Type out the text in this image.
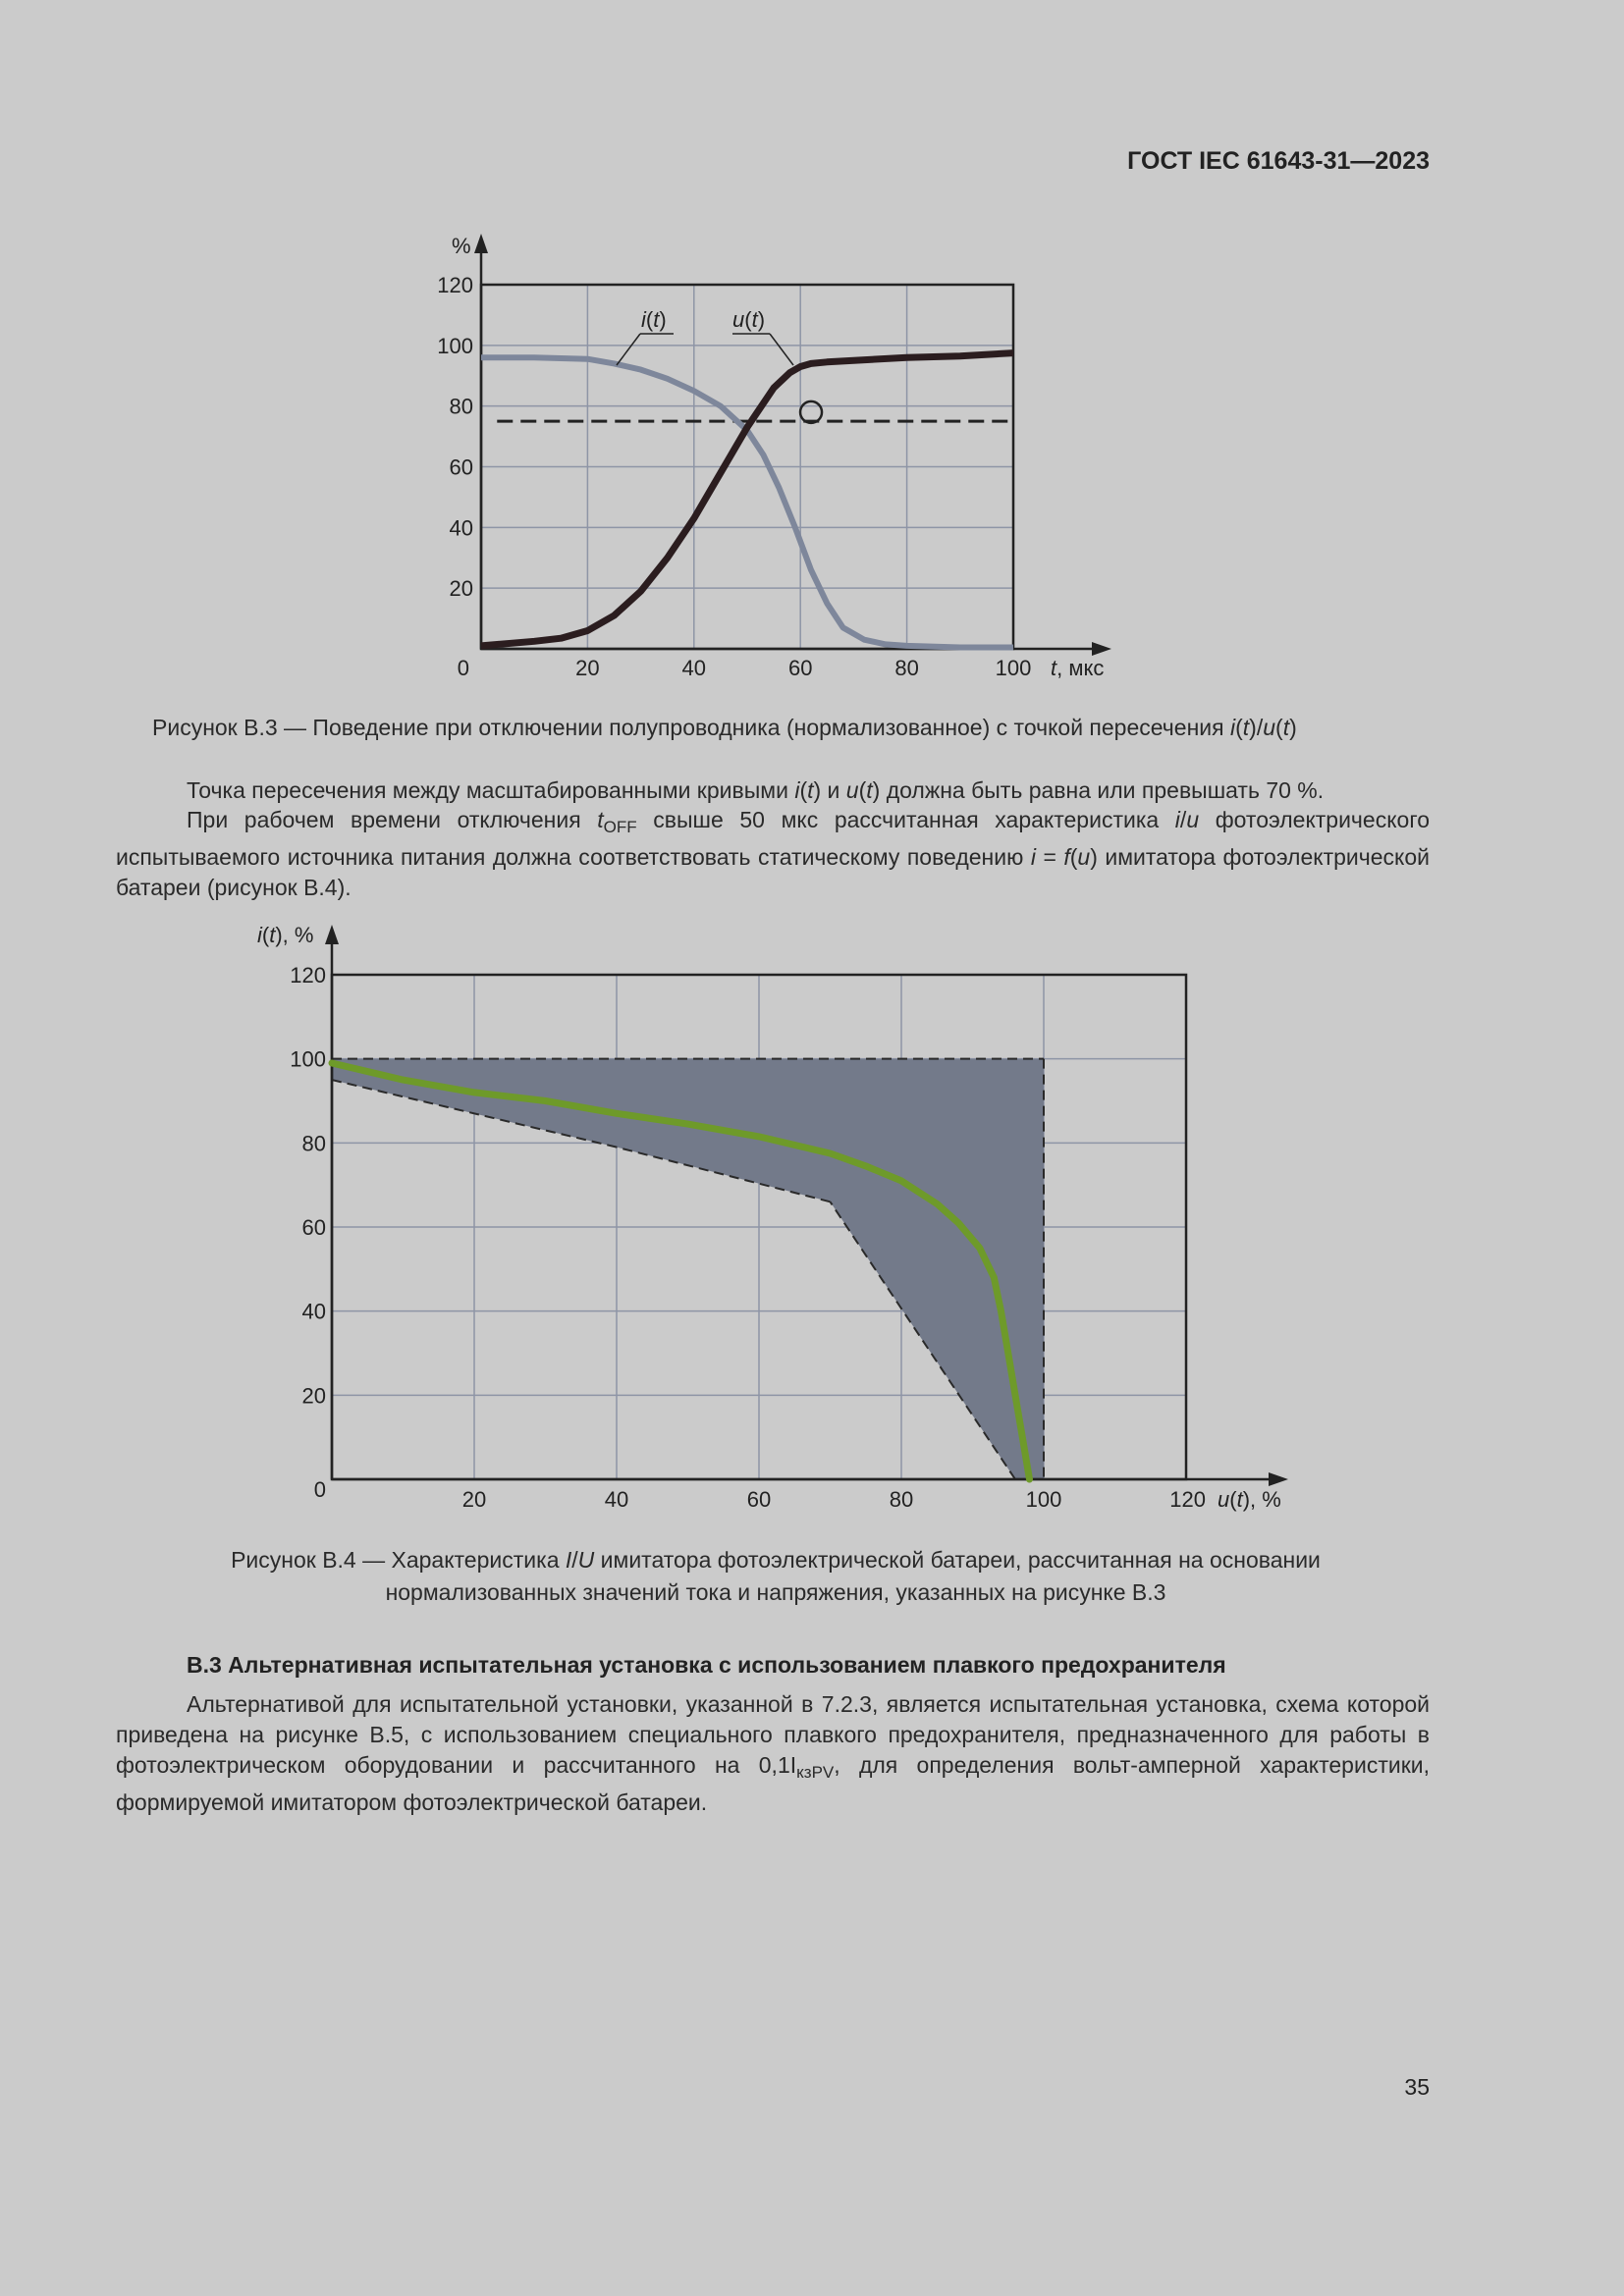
ГОСТ IEC 61643-31—2023
20
40
60
80
100
120
20	40	60	80	100
0
%
t, мкс
i(t)	u(t)
Рисунок В.3 — Поведение при отключении полупроводника (нормализованное) с точкой пересечения i(t)/u(t)
Точка пересечения между масштабированными кривыми i(t) и u(t) должна быть равна или превышать 70 %.
При рабочем времени отключения $t_{OFF}$ свыше 50 мкс рассчитанная характеристика i/u фотоэлектрического испытываемого источника питания должна соответствовать статическому поведению i = f(u) имитатора фотоэлектрической батареи (рисунок В.4).
20
40
60
80
100
120
20	40	60	80	100	120
0
i(t), %
u(t), %
Рисунок В.4 — Характеристика I/U имитатора фотоэлектрической батареи, рассчитанная на основании
нормализованных значений тока и напряжения, указанных на рисунке В.3
В.3 Альтернативная испытательная установка с использованием плавкого предохранителя
Альтернативой для испытательной установки, указанной в 7.2.3, является испытательная установка, схема которой приведена на рисунке В.5, с использованием специального плавкого предохранителя, предназначенного для работы в фотоэлектрическом оборудовании и рассчитанного на $0,1I_{кзPV}$, для определения вольт-амперной характеристики, формируемой имитатором фотоэлектрической батареи.
35
